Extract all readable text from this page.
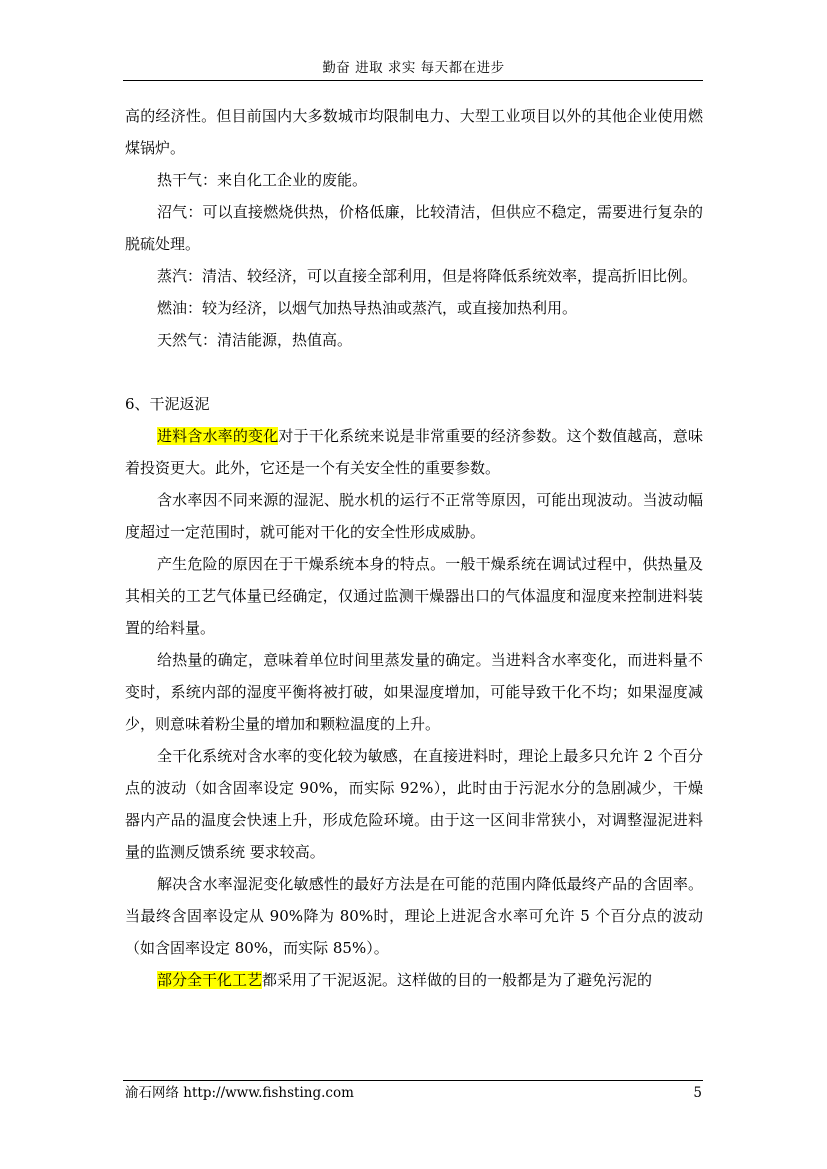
勤奋 进取 求实 每天都在进步

高的经济性。但目前国内大多数城市均限制电力、大型工业项目以外的其他企业使用燃煤锅炉。

热干气：来自化工企业的废能。

沼气：可以直接燃烧供热，价格低廉，比较清洁，但供应不稳定，需要进行复杂的脱硫处理。

蒸汽：清洁、较经济，可以直接全部利用，但是将降低系统效率，提高折旧比例。

燃油：较为经济，以烟气加热导热油或蒸汽，或直接加热利用。

天然气：清洁能源，热值高。

6、干泥返泥

进料含水率的变化对于干化系统来说是非常重要的经济参数。这个数值越高，意味着投资更大。此外，它还是一个有关安全性的重要参数。

含水率因不同来源的湿泥、脱水机的运行不正常等原因，可能出现波动。当波动幅度超过一定范围时，就可能对干化的安全性形成威胁。

产生危险的原因在于干燥系统本身的特点。一般干燥系统在调试过程中，供热量及其相关的工艺气体量已经确定，仅通过监测干燥器出口的气体温度和湿度来控制进料装置的给料量。

给热量的确定，意味着单位时间里蒸发量的确定。当进料含水率变化，而进料量不变时，系统内部的湿度平衡将被打破，如果湿度增加，可能导致干化不均；如果湿度减少，则意味着粉尘量的增加和颗粒温度的上升。

全干化系统对含水率的变化较为敏感，在直接进料时，理论上最多只允许 2 个百分点的波动（如含固率设定 90%，而实际 92%），此时由于污泥水分的急剧减少，干燥器内产品的温度会快速上升，形成危险环境。由于这一区间非常狭小，对调整湿泥进料量的监测反馈系统 要求较高。

解决含水率湿泥变化敏感性的最好方法是在可能的范围内降低最终产品的含固率。当最终含固率设定从 90%降为 80%时，理论上进泥含水率可允许 5 个百分点的波动（如含固率设定 80%，而实际 85%）。

部分全干化工艺都采用了干泥返泥。这样做的目的一般都是为了避免污泥的

渝石网络 http://www.fishsting.com	5
